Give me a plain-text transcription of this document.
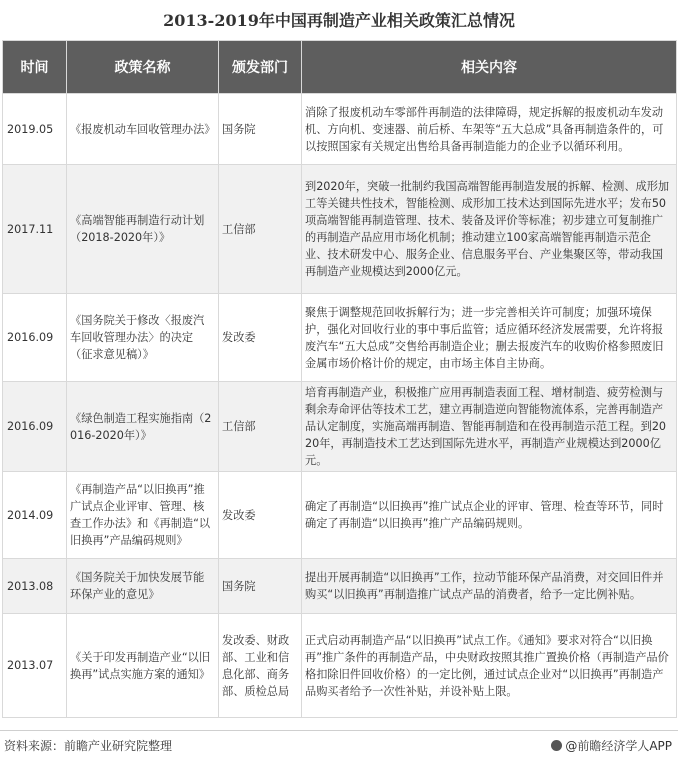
2013-2019年中国再制造产业相关政策汇总情况
时间	政策名称	颁发部门	相关内容
2019.05	《报废机动车回收管理办法》	国务院	消除了报废机动车零部件再制造的法律障碍，规定拆解的报废机动车发动机、方向机、变速器、前后桥、车架等“五大总成”具备再制造条件的，可以按照国家有关规定出售给具备再制造能力的企业予以循环利用。
2017.11	《高端智能再制造行动计划（2018-2020年）》	工信部	到2020年，突破一批制约我国高端智能再制造发展的拆解、检测、成形加工等关键共性技术，智能检测、成形加工技术达到国际先进水平；发布50项高端智能再制造管理、技术、装备及评价等标准；初步建立可复制推广的再制造产品应用市场化机制；推动建立100家高端智能再制造示范企业、技术研发中心、服务企业、信息服务平台、产业集聚区等，带动我国再制造产业规模达到2000亿元。
2016.09	《国务院关于修改〈报废汽车回收管理办法〉的决定（征求意见稿）》	发改委	聚焦于调整规范回收拆解行为；进一步完善相关许可制度；加强环境保护，强化对回收行业的事中事后监管；适应循环经济发展需要，允许将报废汽车“五大总成”交售给再制造企业；删去报废汽车的收购价格参照废旧金属市场价格计价的规定，由市场主体自主协商。
2016.09	《绿色制造工程实施指南（2016-2020年）》	工信部	培育再制造产业，积极推广应用再制造表面工程、增材制造、疲劳检测与剩余寿命评估等技术工艺，建立再制造逆向智能物流体系，完善再制造产品认定制度，实施高端再制造、智能再制造和在役再制造示范工程。到2020年，再制造技术工艺达到国际先进水平，再制造产业规模达到2000亿元。
2014.09	《再制造产品“以旧换再”推广试点企业评审、管理、核查工作办法》和《再制造“以旧换再”产品编码规则》	发改委	确定了再制造“以旧换再”推广试点企业的评审、管理、检查等环节，同时确定了再制造“以旧换再”推广产品编码规则。
2013.08	《国务院关于加快发展节能环保产业的意见》	国务院	提出开展再制造“以旧换再”工作，拉动节能环保产品消费，对交回旧件并购买“以旧换再”再制造推广试点产品的消费者，给予一定比例补贴。
2013.07	《关于印发再制造产业“以旧换再”试点实施方案的通知》	发改委、财政部、工业和信息化部、商务部、质检总局	正式启动再制造产品“以旧换再”试点工作。《通知》要求对符合“以旧换再”推广条件的再制造产品，中央财政按照其推广置换价格（再制造产品价格扣除旧件回收价格）的一定比例，通过试点企业对“以旧换再”再制造产品购买者给予一次性补贴，并设补贴上限。
资料来源：前瞻产业研究院整理	@前瞻经济学人APP
